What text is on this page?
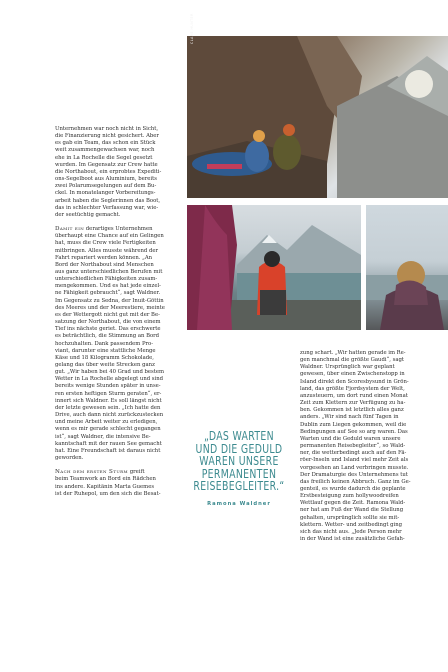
CLARE HUNTER

Unternehmen war noch nicht in Sicht,
die Finanzierung nicht gesichert. Aber
es gab ein Team, das schon ein Stück
weit zusammengewachsen war, noch
ehe in La Rochelle die Segel gesetzt
wurden. Im Gegensatz zur Crew hatte
die Northabout, ein erprobtes Expediti-
ons-Segelboot aus Aluminium, bereits
zwei Polarumsegelungen auf dem Bu-
ckel. In monatelanger Vorbereitungs-
arbeit haben die Seglerinnen das Boot,
das in schlechter Verfassung war, wie-
der seetüchtig gemacht.

Damit ein derartiges Unternehmen
überhaupt eine Chance auf ein Gelingen
hat, muss die Crew viele Fertigkeiten
mitbringen. Alles musste während der
Fahrt repariert werden können. „An
Bord der Northabout sind Menschen
aus ganz unterschiedlichen Berufen mit
unterschiedlichen Fähigkeiten zusam-
mengekommen. Und es hat jede einzel-
ne Fähigkeit gebraucht“, sagt Waldner.
Im Gegensatz zu Sedna, der Inuit-Göttin
des Meeres und der Meerestiere, meinte
es der Wettergott nicht gut mit der Be-
satzung der Northabout, die von einem
Tief ins nächste geriet. Das erschwerte
es beträchtlich, die Stimmung an Bord
hochzuhalten. Dank passendem Pro-
viant, darunter eine stattliche Menge
Käse und 18 Kilogramm Schokolade,
gelang das über weite Strecken ganz
gut. „Wir haben bei 40 Grad und bestem
Wetter in La Rochelle abgelegt und sind
bereits wenige Stunden später in unse-
ren ersten heftigen Sturm geraten“, er-
innert sich Waldner. Es soll längst nicht
der letzte gewesen sein. „Ich hatte den
Drive, auch dann nicht zurückzustecken
und meine Arbeit weiter zu erledigen,
wenn es mir gerade schlecht gegangen
ist“, sagt Waldner, die intensive Be-
kanntschaft mit der rauen See gemacht
hat. Eine Freundschaft ist daraus nicht
geworden.

Nach dem ersten Sturm greift
beim Teamwork an Bord ein Rädchen
ins andere. Kapitänin Marta Guemes
ist der Ruhepol, um den sich die Besat-

„DAS WARTEN
UND DIE GEDULD
WAREN UNSERE
PERMANENTEN
REISEBEGLEITER.“
Ramona Waldner

zung schart. „Wir hatten gerade im Re-
gen manchmal die größte Gaudi“, sagt
Waldner. Ursprünglich war geplant
gewesen, über einen Zwischenstopp in
Island direkt den Scoresbysund in Grön-
land, das größte Fjordsystem der Welt,
anzusteuern, um dort rund einen Monat
Zeit zum Klettern zur Verfügung zu ha-
ben. Gekommen ist letztlich alles ganz
anders. „Wir sind nach fünf Tagen in
Dublin zum Liegen gekommen, weil die
Bedingungen auf See so arg waren. Das
Warten und die Geduld waren unsere
permanenten Reisebegleiter“, so Wald-
ner, die wetterbedingt auch auf den Fä-
röer-Inseln und Island viel mehr Zeit als
vorgesehen an Land verbringen musste.
Der Dramaturgie des Unternehmens tut
das freilich keinen Abbruch. Ganz im Ge-
genteil, es wurde dadurch die geplante
Erstbesteigung zum hollywoodreifen
Wettlauf gegen die Zeit. Ramona Wald-
ner hat am Fuß der Wand die Stellung
gehalten, ursprünglich sollte sie mit-
klettern. Wetter- und zeitbedingt ging
sich das nicht aus. „Jede Person mehr
in der Wand ist eine zusätzliche Gefah-
